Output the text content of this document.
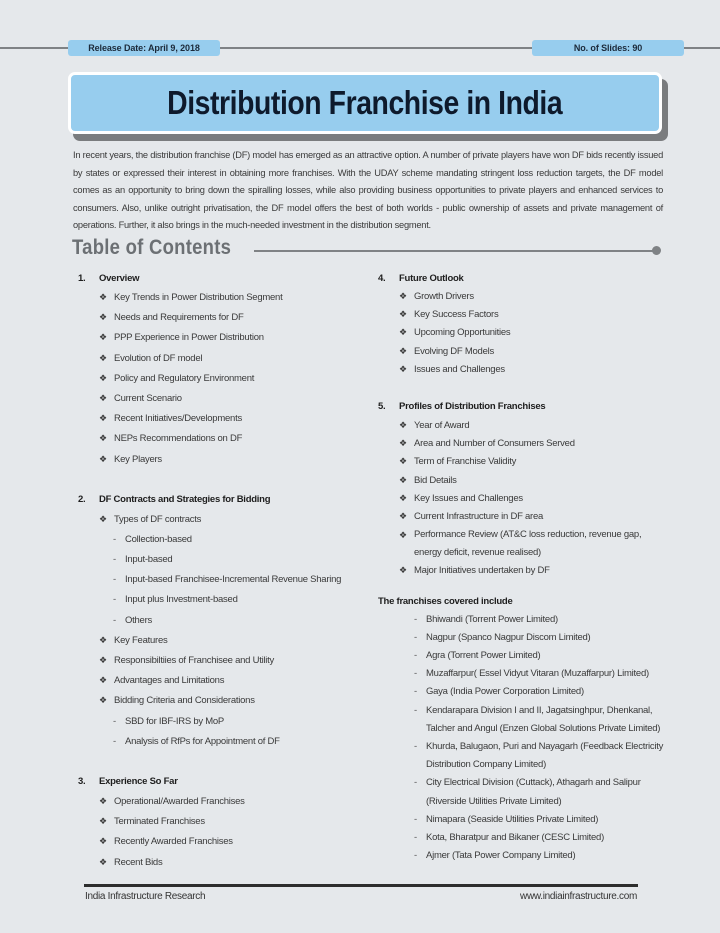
Release Date: April 9, 2018	No. of Slides: 90
Distribution Franchise in India

In recent years, the distribution franchise (DF) model has emerged as an attractive option. A number of private players have won DF bids recently issued by states or expressed their interest in obtaining more franchises. With the UDAY scheme mandating stringent loss reduction targets, the DF model comes as an opportunity to bring down the spiralling losses, while also providing business opportunities to private players and enhanced services to consumers. Also, unlike outright privatisation, the DF model offers the best of both worlds - public ownership of assets and private management of operations. Further, it also brings in the much-needed investment in the distribution segment.

Table of Contents
1.	Overview
❖ Key Trends in Power Distribution Segment
❖ Needs and Requirements for DF
❖ PPP Experience in Power Distribution
❖ Evolution of DF model
❖ Policy and Regulatory Environment
❖ Current Scenario
❖ Recent Initiatives/Developments
❖ NEPs Recommendations on DF
❖ Key Players
2.	DF Contracts and Strategies for Bidding
❖ Types of DF contracts
- Collection-based
- Input-based
- Input-based Franchisee-Incremental Revenue Sharing
- Input plus Investment-based
- Others
❖ Key Features
❖ Responsibiltiies of Franchisee and Utility
❖ Advantages and Limitations
❖ Bidding Criteria and Considerations
- SBD for IBF-IRS by MoP
- Analysis of RfPs for Appointment of DF
3.	Experience So Far
❖ Operational/Awarded Franchises
❖ Terminated Franchises
❖ Recently Awarded Franchises
❖ Recent Bids
4.	Future Outlook
❖ Growth Drivers
❖ Key Success Factors
❖ Upcoming Opportunities
❖ Evolving DF Models
❖ Issues and Challenges
5.	Profiles of Distribution Franchises
❖ Year of Award
❖ Area and Number of Consumers Served
❖ Term of Franchise Validity
❖ Bid Details
❖ Key Issues and Challenges
❖ Current Infrastructure in DF area
❖ Performance Review (AT&C loss reduction, revenue gap, energy deficit, revenue realised)
❖ Major Initiatives undertaken by DF
The franchises covered include
- Bhiwandi (Torrent Power Limited)
- Nagpur (Spanco Nagpur Discom Limited)
- Agra (Torrent Power Limited)
- Muzaffarpur( Essel Vidyut Vitaran (Muzaffarpur) Limited)
- Gaya (India Power Corporation Limited)
- Kendarapara Division I and II, Jagatsinghpur, Dhenkanal, Talcher and Angul (Enzen Global Solutions Private Limited)
- Khurda, Balugaon, Puri and Nayagarh (Feedback Electricity Distribution Company Limited)
- City Electrical Division (Cuttack), Athagarh and Salipur (Riverside Utilities Private Limited)
- Nimapara (Seaside Utilities Private Limited)
- Kota, Bharatpur and Bikaner (CESC Limited)
- Ajmer (Tata Power Company Limited)
India Infrastructure Research	www.indiainfrastructure.com
